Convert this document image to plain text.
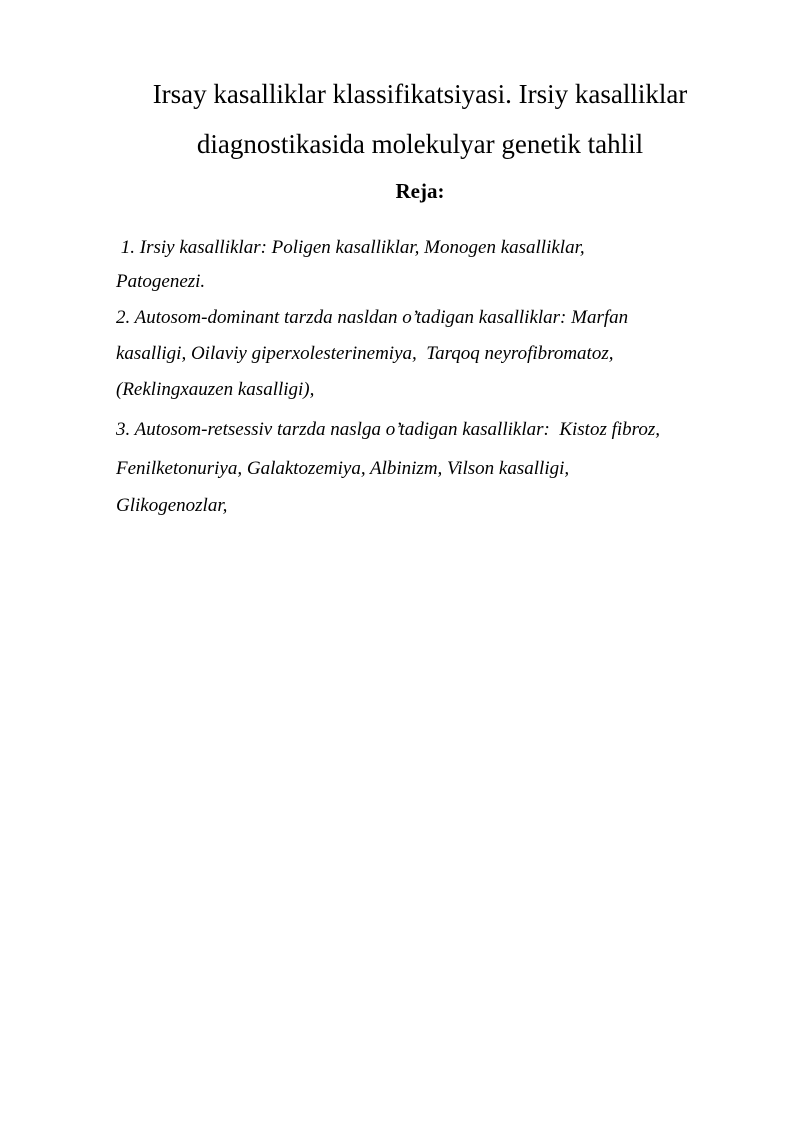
Irsay kasalliklar klassifikatsiyasi. Irsiy kasalliklar
diagnostikasida molekulyar genetik tahlil
Reja:
1. Irsiy kasalliklar: Poligen kasalliklar, Monogen kasalliklar,
Patogenezi.
2. Autosom-dominant tarzda nasldan o’tadigan kasalliklar: Marfan
kasalligi, Oilaviy giperxolesterinemiya,  Tarqoq neyrofibromatoz,
(Reklingxauzen kasalligi),
3. Autosom-retsessiv tarzda naslga o’tadigan kasalliklar:  Kistoz fibroz,
Fenilketonuriya, Galaktozemiya, Albinizm, Vilson kasalligi,
Glikogenozlar,
